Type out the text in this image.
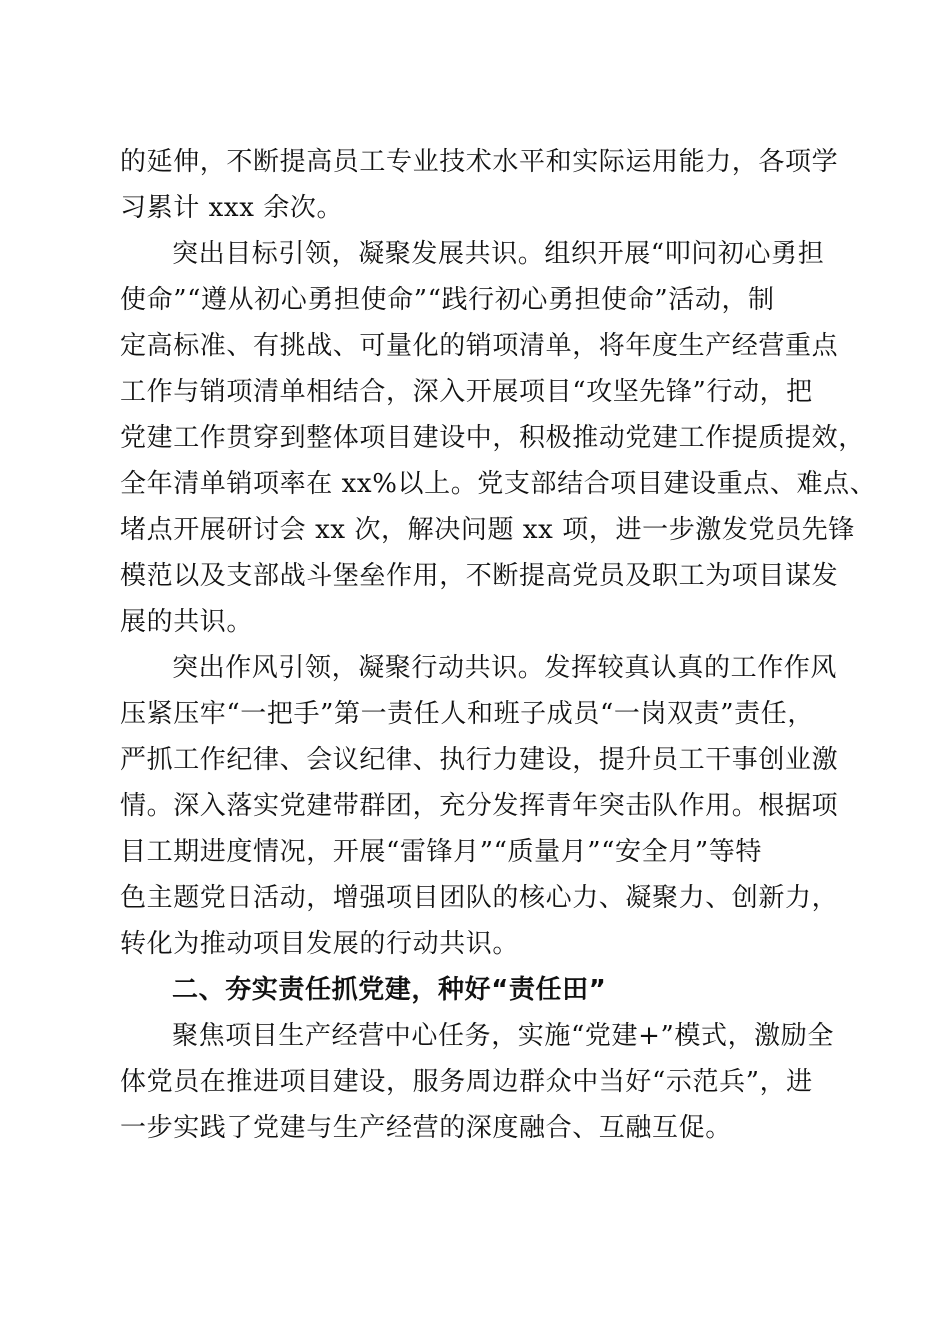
的延伸，不断提高员工专业技术水平和实际运用能力，各项学
习累计 xxx 余次。
突出目标引领，凝聚发展共识。组织开展“叩问初心勇担
使命”“遵从初心勇担使命”“践行初心勇担使命”活动，制
定高标准、有挑战、可量化的销项清单，将年度生产经营重点
工作与销项清单相结合，深入开展项目“攻坚先锋”行动，把
党建工作贯穿到整体项目建设中，积极推动党建工作提质提效，
全年清单销项率在 xx%以上。党支部结合项目建设重点、难点、
堵点开展研讨会 xx 次，解决问题 xx 项，进一步激发党员先锋
模范以及支部战斗堡垒作用，不断提高党员及职工为项目谋发
展的共识。
突出作风引领，凝聚行动共识。发挥较真认真的工作作风
压紧压牢“一把手”第一责任人和班子成员“一岗双责”责任，
严抓工作纪律、会议纪律、执行力建设，提升员工干事创业激
情。深入落实党建带群团，充分发挥青年突击队作用。根据项
目工期进度情况，开展“雷锋月”“质量月”“安全月”等特
色主题党日活动，增强项目团队的核心力、凝聚力、创新力，
转化为推动项目发展的行动共识。
二、夯实责任抓党建，种好“责任田”
聚焦项目生产经营中心任务，实施“党建+”模式，激励全
体党员在推进项目建设，服务周边群众中当好“示范兵”，进
一步实践了党建与生产经营的深度融合、互融互促。
